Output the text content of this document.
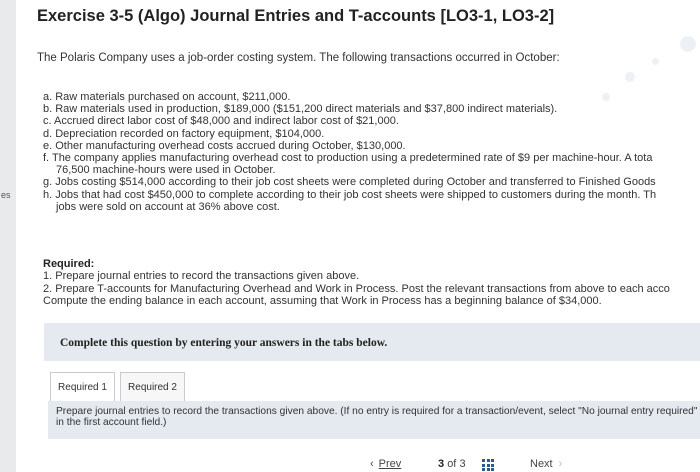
es
Exercise 3-5 (Algo) Journal Entries and T-accounts [LO3-1, LO3-2]

The Polaris Company uses a job-order costing system. The following transactions occurred in October:

a. Raw materials purchased on account, $211,000.
b. Raw materials used in production, $189,000 ($151,200 direct materials and $37,800 indirect materials).
c. Accrued direct labor cost of $48,000 and indirect labor cost of $21,000.
d. Depreciation recorded on factory equipment, $104,000.
e. Other manufacturing overhead costs accrued during October, $130,000.
f. The company applies manufacturing overhead cost to production using a predetermined rate of $9 per machine-hour. A tota
76,500 machine-hours were used in October.
g. Jobs costing $514,000 according to their job cost sheets were completed during October and transferred to Finished Goods
h. Jobs that had cost $450,000 to complete according to their job cost sheets were shipped to customers during the month. Th
jobs were sold on account at 36% above cost.
Required:
1. Prepare journal entries to record the transactions given above.
2. Prepare T-accounts for Manufacturing Overhead and Work in Process. Post the relevant transactions from above to each acco
Compute the ending balance in each account, assuming that Work in Process has a beginning balance of $34,000.
Complete this question by entering your answers in the tabs below.
Required 1	Required 2
Prepare journal entries to record the transactions given above. (If no entry is required for a transaction/event, select "No journal entry required" in the first account field.)
‹ Prev	3 of 3	Next ›
